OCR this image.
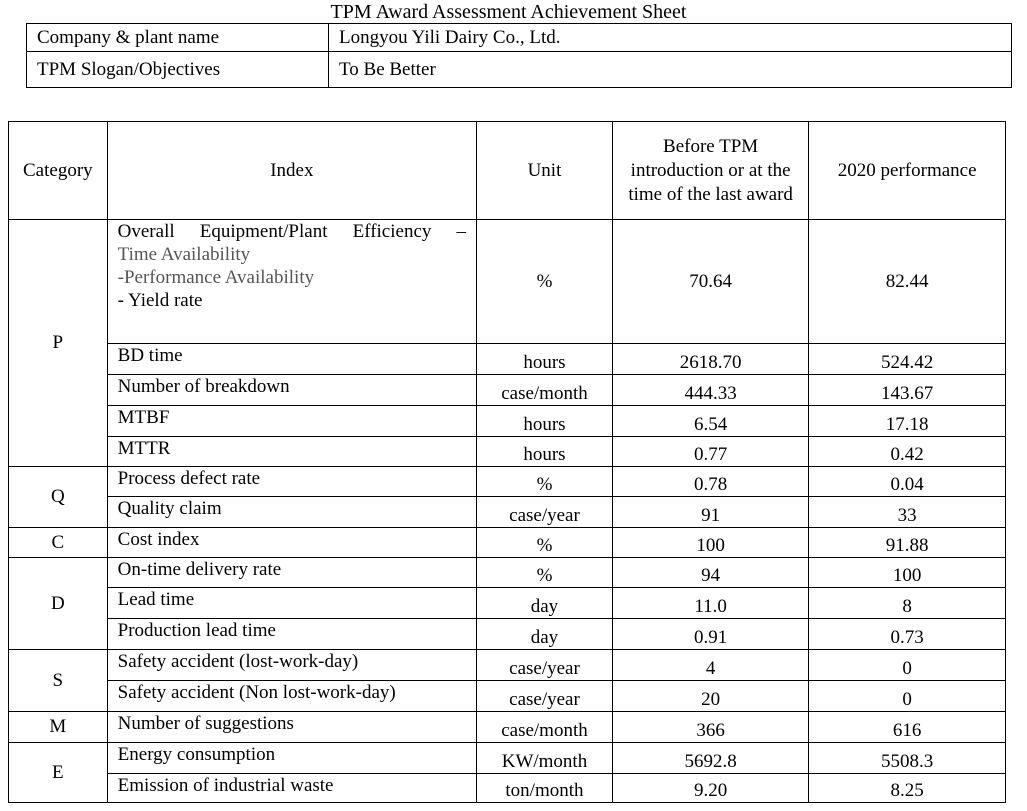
TPM Award Assessment Achievement Sheet
Company & plant name	Longyou Yili Dairy Co., Ltd.
TPM Slogan/Objectives	To Be Better
Category	Index	Unit	Before TPM introduction or at the time of the last award	2020 performance
P	Overall Equipment/Plant Efficiency –
Time Availability
-Performance Availability
- Yield rate	%	70.64	82.44
	BD time	hours	2618.70	524.42
	Number of breakdown	case/month	444.33	143.67
	MTBF	hours	6.54	17.18
	MTTR	hours	0.77	0.42
Q	Process defect rate	%	0.78	0.04
	Quality claim	case/year	91	33
C	Cost index	%	100	91.88
D	On-time delivery rate	%	94	100
	Lead time	day	11.0	8
	Production lead time	day	0.91	0.73
S	Safety accident (lost-work-day)	case/year	4	0
	Safety accident (Non lost-work-day)	case/year	20	0
M	Number of suggestions	case/month	366	616
E	Energy consumption	KW/month	5692.8	5508.3
	Emission of industrial waste	ton/month	9.20	8.25
